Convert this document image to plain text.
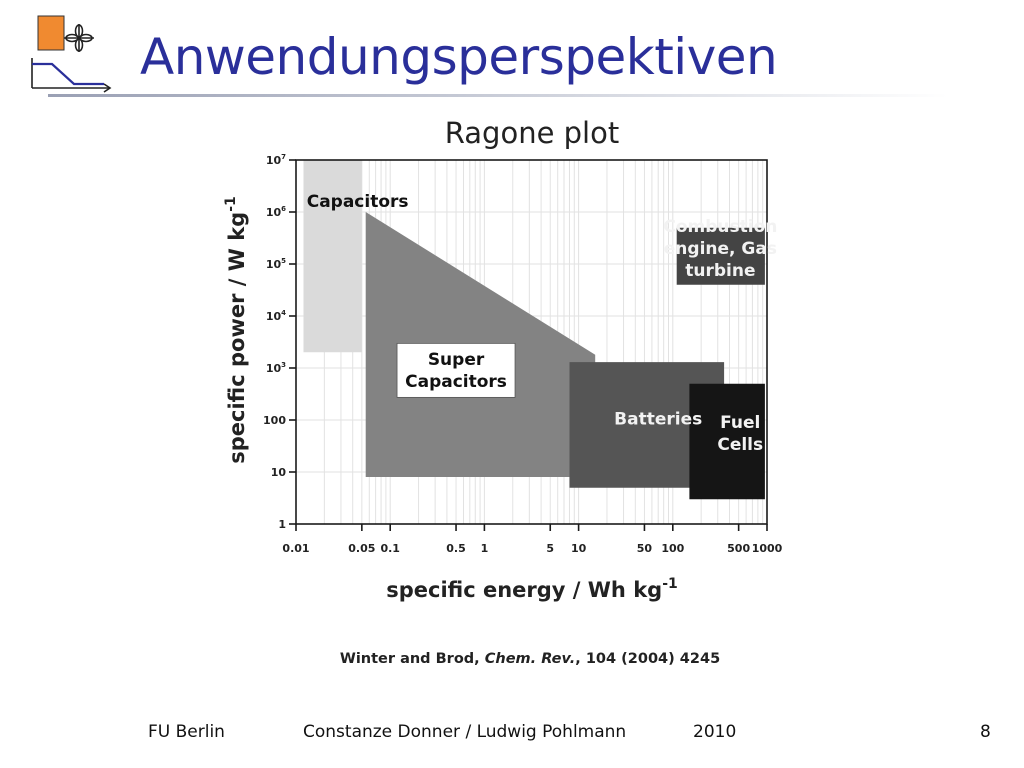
Anwendungsperspektiven
Ragone plot
1
10
100
$10^3$
$10^4$
$10^5$
$10^6$
$10^7$
0.01	0.05 0.1	0.5 1	5 10	50 100	500 1000
Capacitors
Super Capacitors
Batteries Fuel Cells
Combustion engine, Gas turbine
specific energy / Wh $kg^{-1}$
specific power / W $kg^{-1}$
Winter and Brod, Chem. Rev., 104 (2004) 4245
FU Berlin	Constanze Donner / Ludwig Pohlmann	2010	8
